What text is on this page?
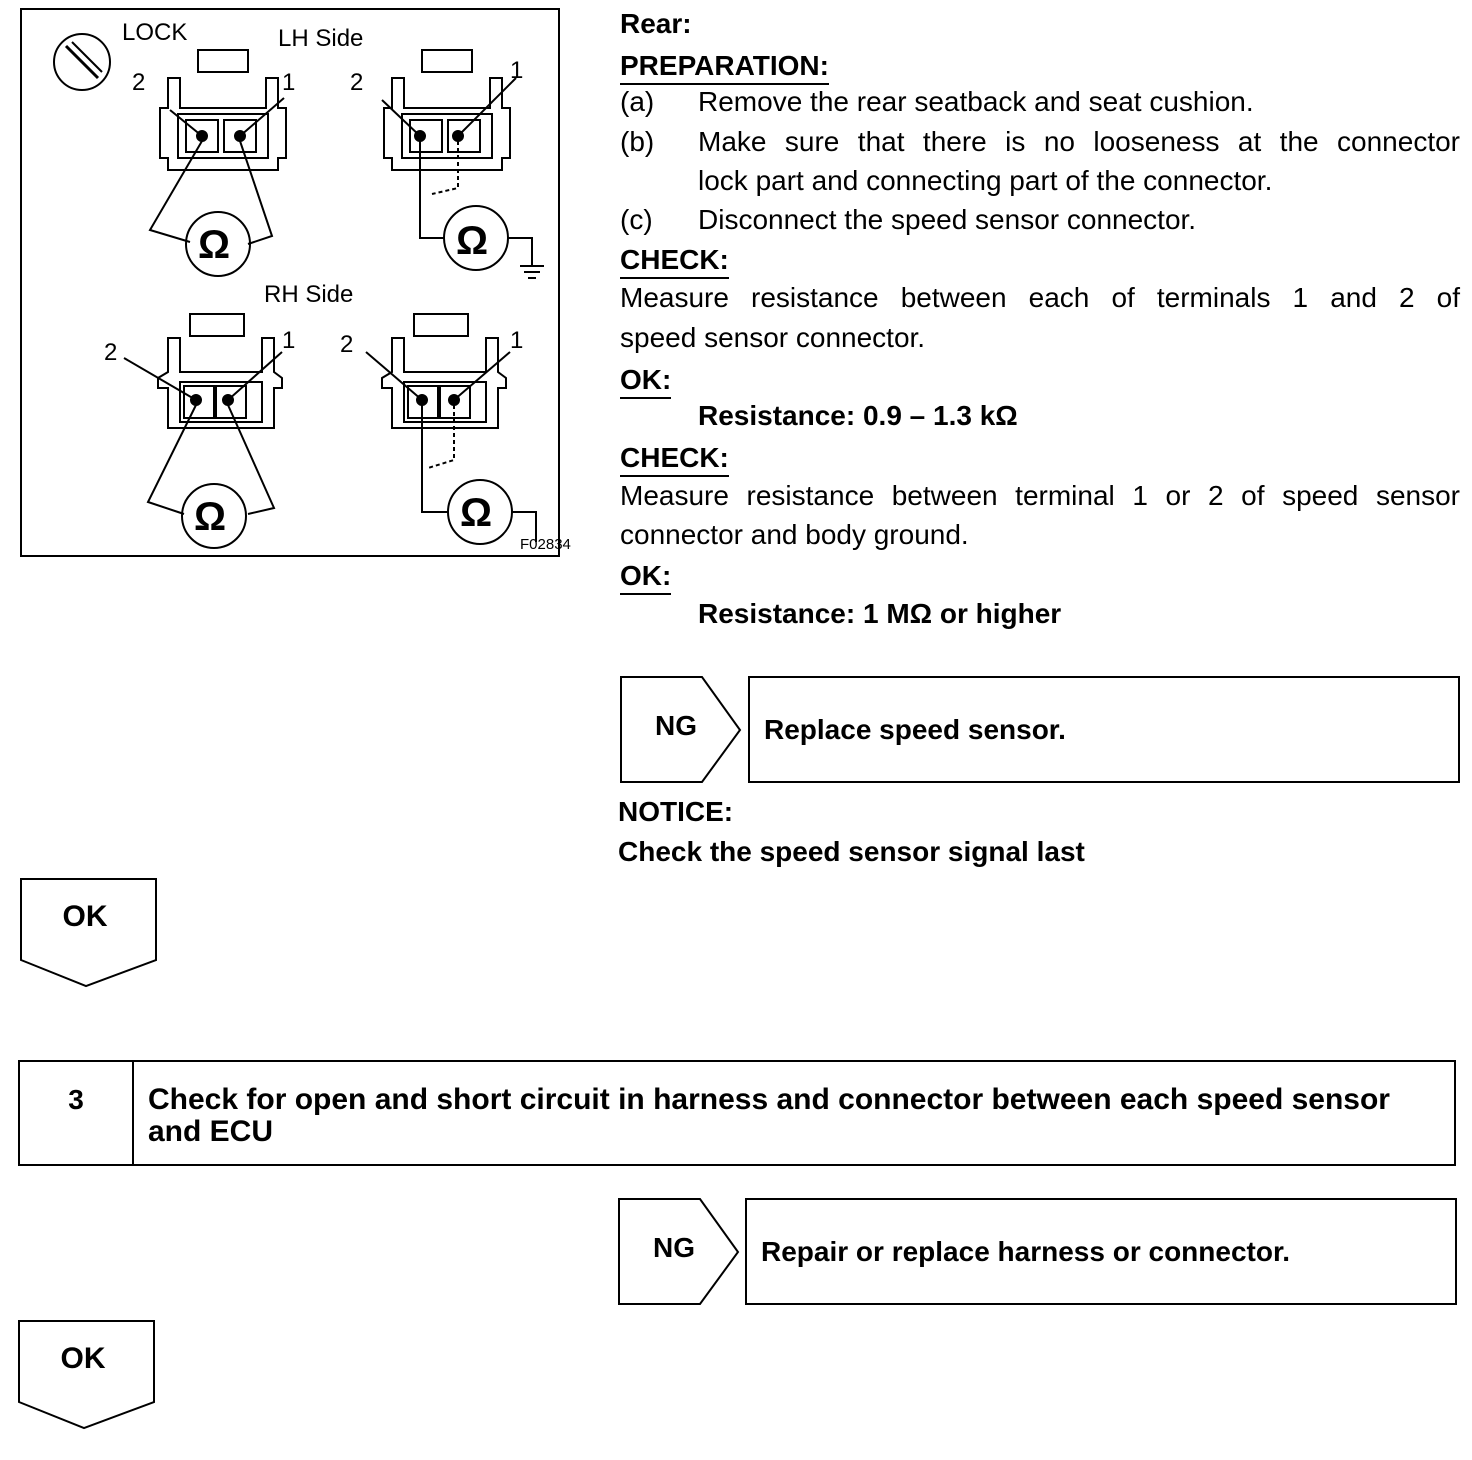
LOCK	LH Side
RH Side
2	1
Ω
2	1
Ω
2	1
Ω
2	1
Ω
F02834
Rear:
PREPARATION:
(a)	Remove the rear seatback and seat cushion.
(b)	Make sure that there is no looseness at the connector
lock part and connecting part of the connector.
(c)	Disconnect the speed sensor connector.
CHECK:
Measure resistance between each of terminals 1 and 2 of
speed sensor connector.
OK:
Resistance: 0.9 – 1.3 kΩ
CHECK:
Measure resistance between terminal 1 or 2 of speed sensor
connector and body ground.
OK:
Resistance: 1 MΩ or higher
NG	Replace speed sensor.
NOTICE:
Check the speed sensor signal last
OK
3	Check for open and short circuit in harness and connector between each speed sensor and ECU
NG	Repair or replace harness or connector.
OK
